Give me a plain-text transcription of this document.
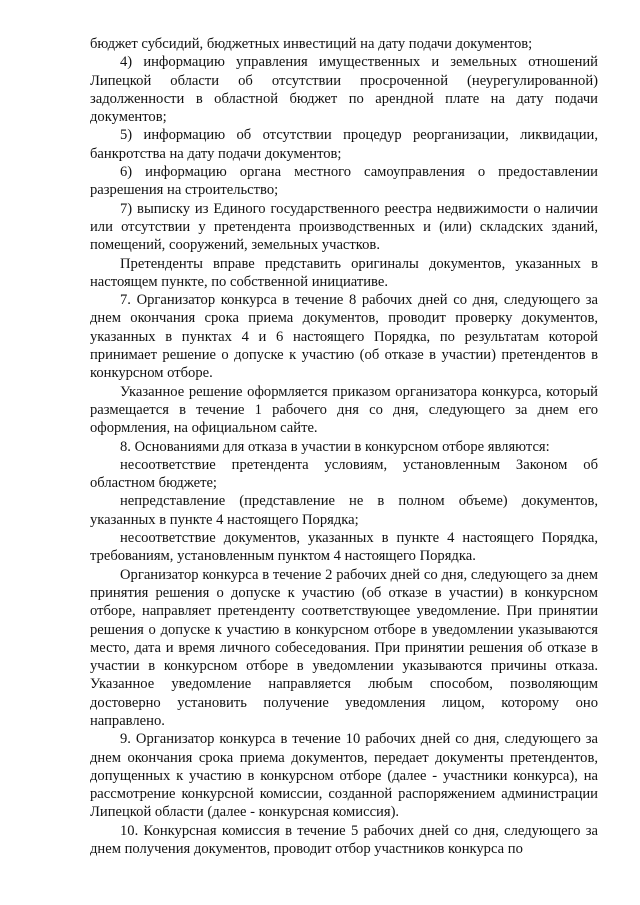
бюджет субсидий, бюджетных инвестиций на дату подачи документов;

4) информацию управления имущественных и земельных отношений Липецкой области об отсутствии просроченной (неурегулированной) задолженности в областной бюджет по арендной плате на дату подачи документов;

5) информацию об отсутствии процедур реорганизации, ликвидации, банкротства на дату подачи документов;

6) информацию органа местного самоуправления о предоставлении разрешения на строительство;

7) выписку из Единого государственного реестра недвижимости о наличии или отсутствии у претендента производственных и (или) складских зданий, помещений, сооружений, земельных участков.

Претенденты вправе представить оригиналы документов, указанных в настоящем пункте, по собственной инициативе.

7. Организатор конкурса в течение 8 рабочих дней со дня, следующего за днем окончания срока приема документов, проводит проверку документов, указанных в пунктах 4 и 6 настоящего Порядка, по результатам которой принимает решение о допуске к участию (об отказе в участии) претендентов в конкурсном отборе.

Указанное решение оформляется приказом организатора конкурса, который размещается в течение 1 рабочего дня со дня, следующего за днем его оформления, на официальном сайте.

8. Основаниями для отказа в участии в конкурсном отборе являются:

несоответствие претендента условиям, установленным Законом об областном бюджете;

непредставление (представление не в полном объеме) документов, указанных в пункте 4 настоящего Порядка;

несоответствие документов, указанных в пункте 4 настоящего Порядка, требованиям, установленным пунктом 4 настоящего Порядка.

Организатор конкурса в течение 2 рабочих дней со дня, следующего за днем принятия решения о допуске к участию (об отказе в участии) в конкурсном отборе, направляет претенденту соответствующее уведомление. При принятии решения о допуске к участию в конкурсном отборе в уведомлении указываются место, дата и время личного собеседования. При принятии решения об отказе в участии в конкурсном отборе в уведомлении указываются причины отказа. Указанное уведомление направляется любым способом, позволяющим достоверно установить получение уведомления лицом, которому оно направлено.

9. Организатор конкурса в течение 10 рабочих дней со дня, следующего за днем окончания срока приема документов, передает документы претендентов, допущенных к участию в конкурсном отборе (далее - участники конкурса), на рассмотрение конкурсной комиссии, созданной распоряжением администрации Липецкой области (далее - конкурсная комиссия).

10. Конкурсная комиссия в течение 5 рабочих дней со дня, следующего за днем получения документов, проводит отбор участников конкурса по
